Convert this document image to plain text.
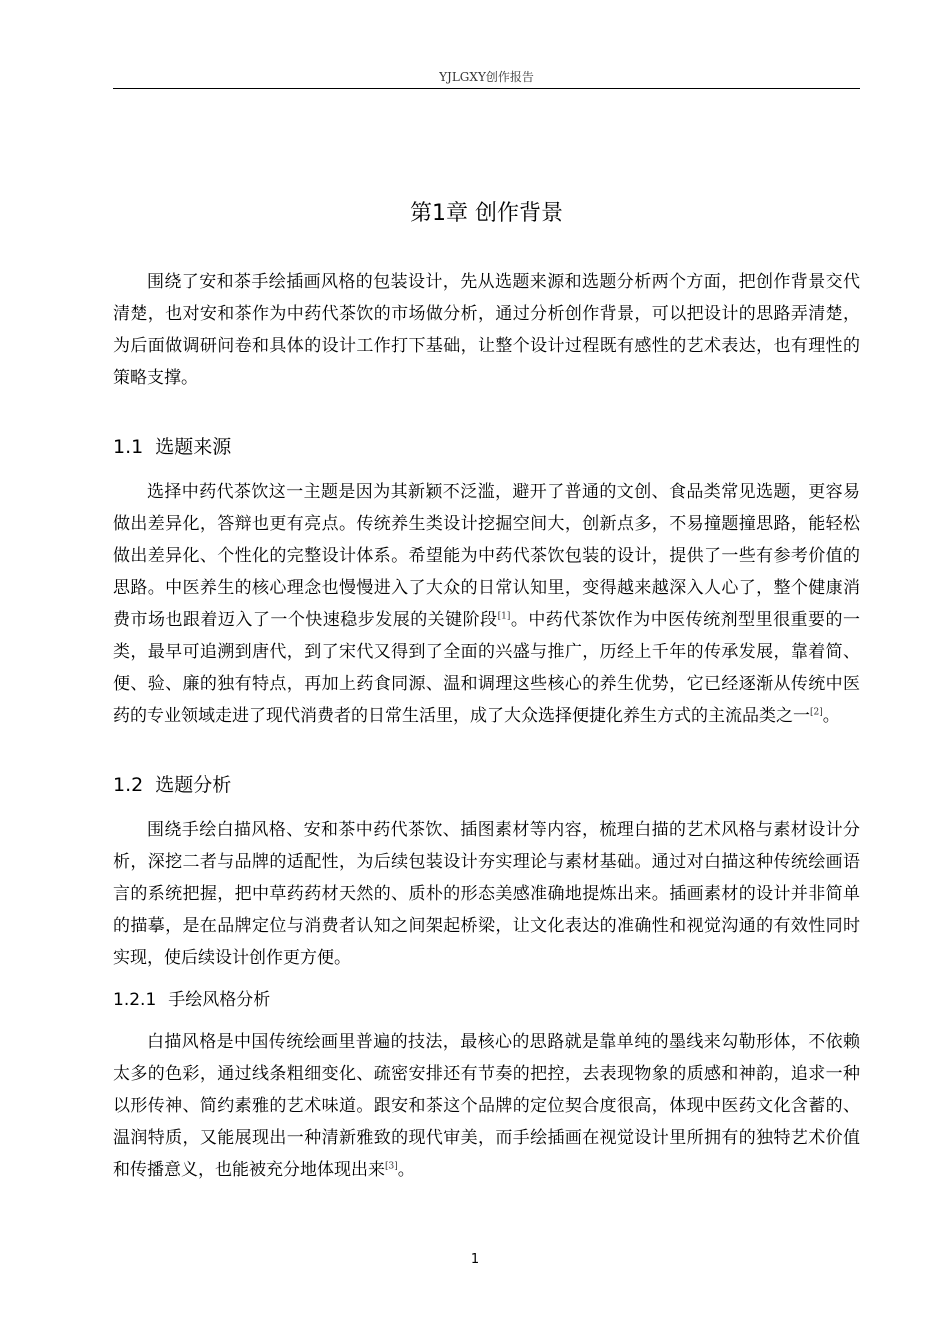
YJLGXY创作报告
第1章 创作背景

围绕了安和茶手绘插画风格的包装设计，先从选题来源和选题分析两个方面，把创作背景交代清楚，也对安和茶作为中药代茶饮的市场做分析，通过分析创作背景，可以把设计的思路弄清楚，为后面做调研问卷和具体的设计工作打下基础，让整个设计过程既有感性的艺术表达，也有理性的策略支撑。

1.1 选题来源

选择中药代茶饮这一主题是因为其新颖不泛滥，避开了普通的文创、食品类常见选题，更容易做出差异化，答辩也更有亮点。传统养生类设计挖掘空间大，创新点多，不易撞题撞思路，能轻松做出差异化、个性化的完整设计体系。希望能为中药代茶饮包装的设计，提供了一些有参考价值的思路。中医养生的核心理念也慢慢进入了大众的日常认知里，变得越来越深入人心了，整个健康消费市场也跟着迈入了一个快速稳步发展的关键阶段[1]。中药代茶饮作为中医传统剂型里很重要的一类，最早可追溯到唐代，到了宋代又得到了全面的兴盛与推广，历经上千年的传承发展，靠着简、便、验、廉的独有特点，再加上药食同源、温和调理这些核心的养生优势，它已经逐渐从传统中医药的专业领域走进了现代消费者的日常生活里，成了大众选择便捷化养生方式的主流品类之一[2]。

1.2 选题分析

围绕手绘白描风格、安和茶中药代茶饮、插图素材等内容，梳理白描的艺术风格与素材设计分析，深挖二者与品牌的适配性，为后续包装设计夯实理论与素材基础。通过对白描这种传统绘画语言的系统把握，把中草药药材天然的、质朴的形态美感准确地提炼出来。插画素材的设计并非简单的描摹，是在品牌定位与消费者认知之间架起桥梁，让文化表达的准确性和视觉沟通的有效性同时实现，使后续设计创作更方便。

1.2.1 手绘风格分析

白描风格是中国传统绘画里普遍的技法，最核心的思路就是靠单纯的墨线来勾勒形体，不依赖太多的色彩，通过线条粗细变化、疏密安排还有节奏的把控，去表现物象的质感和神韵，追求一种以形传神、简约素雅的艺术味道。跟安和茶这个品牌的定位契合度很高，体现中医药文化含蓄的、温润特质，又能展现出一种清新雅致的现代审美，而手绘插画在视觉设计里所拥有的独特艺术价值和传播意义，也能被充分地体现出来[3]。

1
